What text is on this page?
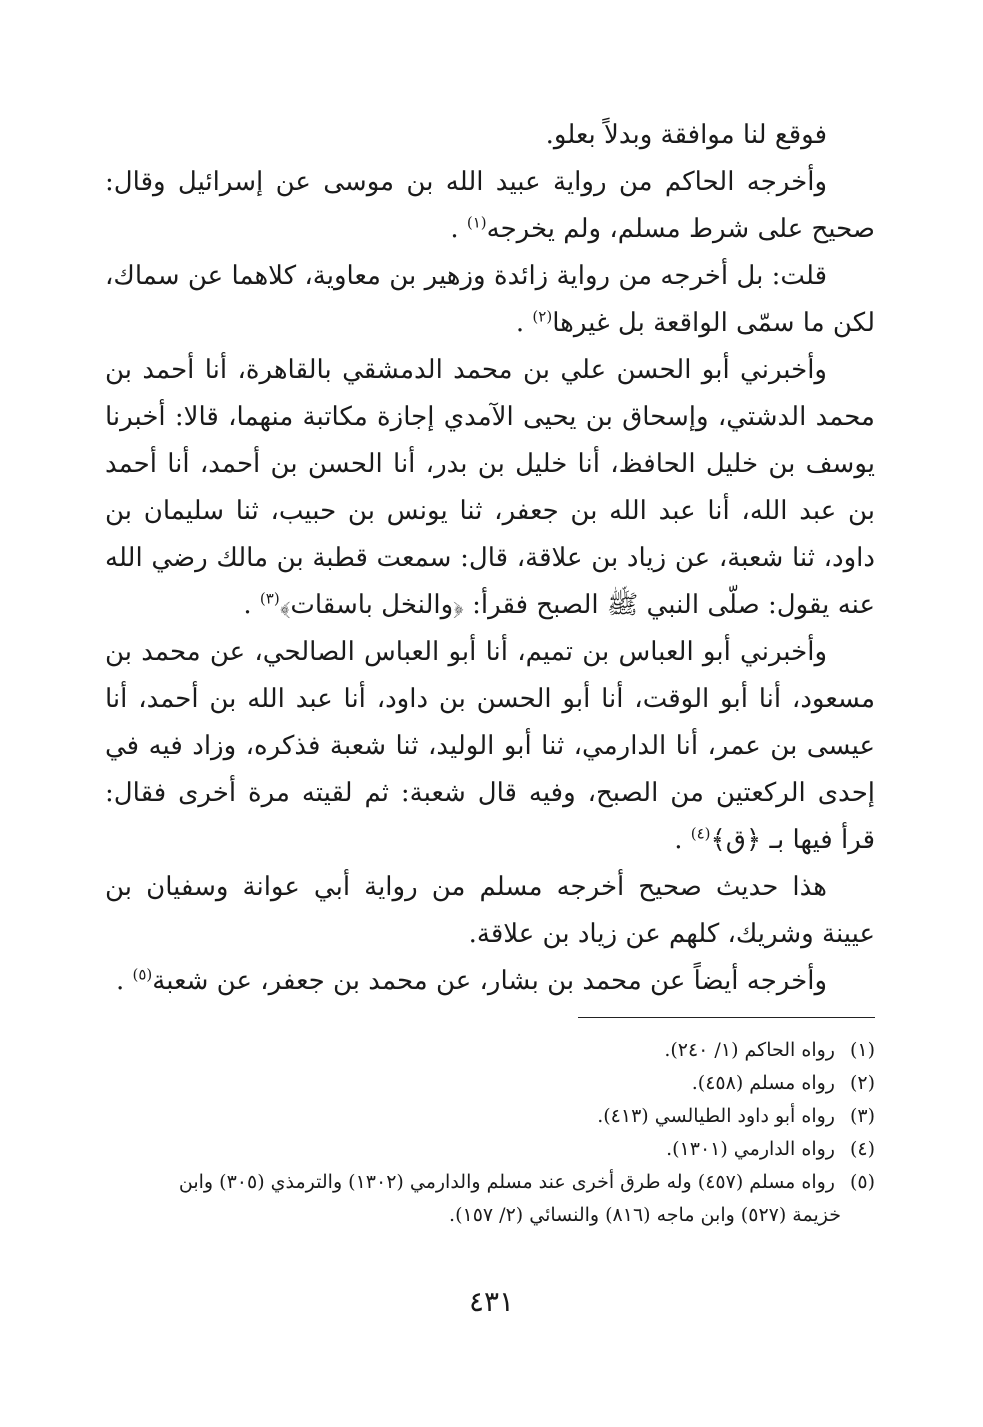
فوقع لنا موافقة وبدلاً بعلو.

وأخرجه الحاكم من رواية عبيد الله بن موسى عن إسرائيل وقال: صحيح على شرط مسلم، ولم يخرجه$^{(١)}$ .

قلت: بل أخرجه من رواية زائدة وزهير بن معاوية، كلاهما عن سماك، لكن ما سمّى الواقعة بل غيرها$^{(٢)}$ .

وأخبرني أبو الحسن علي بن محمد الدمشقي بالقاهرة، أنا أحمد بن محمد الدشتي، وإسحاق بن يحيى الآمدي إجازة مكاتبة منهما، قالا: أخبرنا يوسف بن خليل الحافظ، أنا خليل بن بدر، أنا الحسن بن أحمد، أنا أحمد بن عبد الله، أنا عبد الله بن جعفر، ثنا يونس بن حبيب، ثنا سليمان بن داود، ثنا شعبة، عن زياد بن علاقة، قال: سمعت قطبة بن مالك رضي الله عنه يقول: صلّى النبي ﷺ الصبح فقرأ: ﴿والنخل باسقات﴾$^{(٣)}$ .

وأخبرني أبو العباس بن تميم، أنا أبو العباس الصالحي، عن محمد بن مسعود، أنا أبو الوقت، أنا أبو الحسن بن داود، أنا عبد الله بن أحمد، أنا عيسى بن عمر، أنا الدارمي، ثنا أبو الوليد، ثنا شعبة فذكره، وزاد فيه في إحدى الركعتين من الصبح، وفيه قال شعبة: ثم لقيته مرة أخرى فقال: قرأ فيها بـ ﴿ق﴾$^{(٤)}$ .

هذا حديث صحيح أخرجه مسلم من رواية أبي عوانة وسفيان بن عيينة وشريك، كلهم عن زياد بن علاقة.

وأخرجه أيضاً عن محمد بن بشار، عن محمد بن جعفر، عن شعبة$^{(٥)}$ .

(١) رواه الحاكم (١/ ٢٤٠).

(٢) رواه مسلم (٤٥٨).

(٣) رواه أبو داود الطيالسي (٤١٣).

(٤) رواه الدارمي (١٣٠١).

(٥) رواه مسلم (٤٥٧) وله طرق أخرى عند مسلم والدارمي (١٣٠٢) والترمذي (٣٠٥) وابن

خزيمة (٥٢٧) وابن ماجه (٨١٦) والنسائي (٢/ ١٥٧).

٤٣١
